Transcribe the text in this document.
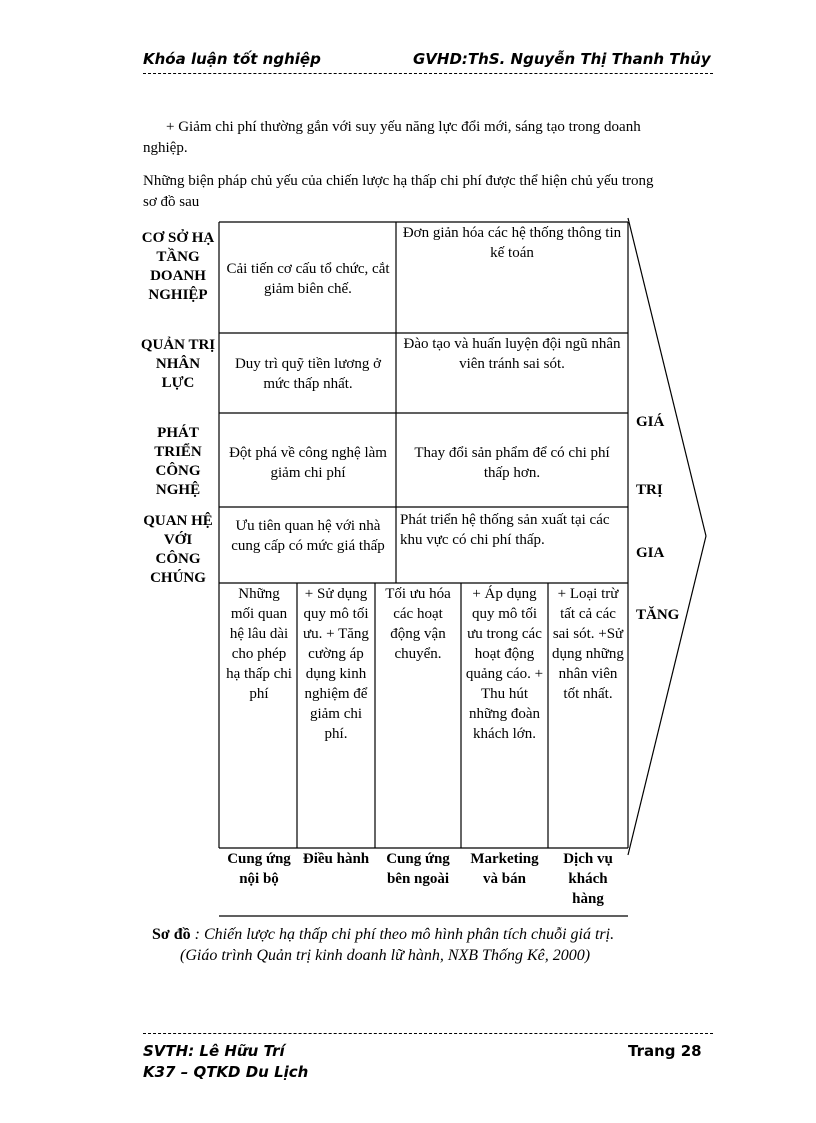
Khóa luận tốt nghiệp	GVHD:ThS. Nguyễn Thị Thanh Thủy
+ Giảm chi phí thường gắn với suy yếu năng lực đổi mới, sáng tạo trong doanh
nghiệp.
Những biện pháp chủ yếu của chiến lược hạ thấp chi phí được thể hiện chủ yếu trong
sơ đồ sau
CƠ SỞ HẠ TẦNG DOANH NGHIỆP
QUẢN TRỊ NHÂN LỰC
PHÁT TRIỂN CÔNG NGHỆ
QUAN HỆ VỚI CÔNG CHÚNG
Cải tiến cơ cấu tổ chức, cắt giảm biên chế.
Đơn giản hóa các hệ thống thông tin kế toán
Duy trì quỹ tiền lương ở mức thấp nhất.
Đào tạo và huấn luyện đội ngũ nhân viên tránh sai sót.
Đột phá về công nghệ làm giảm chi phí
Thay đổi sản phẩm để có chi phí thấp hơn.
Ưu tiên quan hệ với nhà cung cấp có mức giá thấp
Phát triển hệ thống sản xuất tại các khu vực có chi phí thấp.
Những mối quan hệ lâu dài cho phép hạ thấp chi phí
+ Sử dụng quy mô tối ưu. + Tăng cường áp dụng kinh nghiệm để giảm chi phí.
Tối ưu hóa các hoạt động vận chuyển.
+ Áp dụng quy mô tối ưu trong các hoạt động quảng cáo. + Thu hút những đoàn khách lớn.
+ Loại trừ tất cả các sai sót. +Sử dụng những nhân viên tốt nhất.
Cung ứng nội bộ
Điều hành	Cung ứng bên ngoài
Marketing và bán
Dịch vụ khách hàng
GIÁ
TRỊ
GIA
TĂNG
Sơ đồ : Chiến lược hạ thấp chi phí theo mô hình phân tích chuỗi giá trị.
(Giáo trình Quản trị kinh doanh lữ hành, NXB Thống Kê, 2000)
SVTH: Lê Hữu Trí
K37 – QTKD Du Lịch
Trang 28
